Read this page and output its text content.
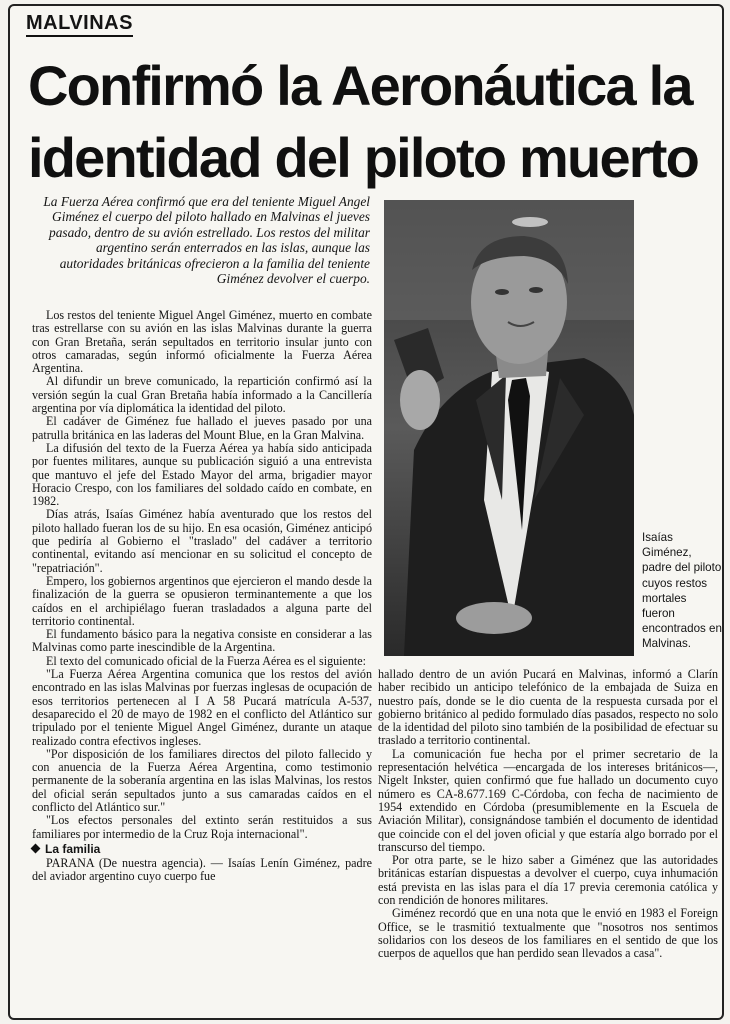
MALVINAS
Confirmó la Aeronáutica la identidad del piloto muerto

La Fuerza Aérea confirmó que era del teniente Miguel Angel Giménez el cuerpo del piloto hallado en Malvinas el jueves pasado, dentro de su avión estrellado. Los restos del militar argentino serán enterrados en las islas, aunque las autoridades británicas ofrecieron a la familia del teniente Giménez devolver el cuerpo.

Los restos del teniente Miguel Angel Giménez, muerto en combate tras estrellarse con su avión en las islas Malvinas durante la guerra con Gran Bretaña, serán sepultados en territorio insular junto con otros camaradas, según informó oficialmente la Fuerza Aérea Argentina.

Al difundir un breve comunicado, la repartición confirmó así la versión según la cual Gran Bretaña había informado a la Cancillería argentina por vía diplomática la identidad del piloto.

El cadáver de Giménez fue hallado el jueves pasado por una patrulla británica en las laderas del Mount Blue, en la Gran Malvina.

La difusión del texto de la Fuerza Aérea ya había sido anticipada por fuentes militares, aunque su publicación siguió a una entrevista que mantuvo el jefe del Estado Mayor del arma, brigadier mayor Horacio Crespo, con los familiares del soldado caído en combate, en 1982.

Días atrás, Isaías Giménez había aventurado que los restos del piloto hallado fueran los de su hijo. En esa ocasión, Giménez anticipó que pediría al Gobierno el "traslado" del cadáver a territorio continental, evitando así mencionar en su solicitud el concepto de "repatriación".

Empero, los gobiernos argentinos que ejercieron el mando desde la finalización de la guerra se opusieron terminantemente a que los caídos en el archipiélago fueran trasladados a alguna parte del territorio continental.

El fundamento básico para la negativa consiste en considerar a las Malvinas como parte inescindible de la Argentina.

El texto del comunicado oficial de la Fuerza Aérea es el siguiente:

"La Fuerza Aérea Argentina comunica que los restos del avión encontrado en las islas Malvinas por fuerzas inglesas de ocupación de esos territorios pertenecen al I A 58 Pucará matrícula A-537, desaparecido el 20 de mayo de 1982 en el conflicto del Atlántico sur tripulado por el teniente Miguel Angel Giménez, durante un ataque realizado contra efectivos ingleses.

"Por disposición de los familiares directos del piloto fallecido y con anuencia de la Fuerza Aérea Argentina, como testimonio permanente de la soberanía argentina en las islas Malvinas, los restos del oficial serán sepultados junto a sus camaradas caídos en el conflicto del Atlántico sur."

"Los efectos personales del extinto serán restituidos a sus familiares por intermedio de la Cruz Roja internacional".

La familia

PARANA (De nuestra agencia). — Isaías Lenín Giménez, padre del aviador argentino cuyo cuerpo fue

Isaías Giménez, padre del piloto cuyos restos mortales fueron encontrados en Malvinas.

hallado dentro de un avión Pucará en Malvinas, informó a Clarín haber recibido un anticipo telefónico de la embajada de Suiza en nuestro país, donde se le dio cuenta de la respuesta cursada por el gobierno británico al pedido formulado días pasados, respecto no solo de la identidad del piloto sino también de la posibilidad de efectuar su traslado a territorio continental.

La comunicación fue hecha por el primer secretario de la representación helvética —encargada de los intereses británicos—, Nigelt Inkster, quien confirmó que fue hallado un documento cuyo número es CA-8.677.169 C-Córdoba, con fecha de nacimiento de 1954 extendido en Córdoba (presumiblemente en la Escuela de Aviación Militar), consignándose también el documento de identidad que coincide con el del joven oficial y que estaría algo borrado por el transcurso del tiempo.

Por otra parte, se le hizo saber a Giménez que las autoridades británicas estarían dispuestas a devolver el cuerpo, cuya inhumación está prevista en las islas para el día 17 previa ceremonia católica y con rendición de honores militares.

Giménez recordó que en una nota que le envió en 1983 el Foreign Office, se le trasmitió textualmente que "nosotros nos sentimos solidarios con los deseos de los familiares en el sentido de que los cuerpos de aquellos que han perdido sean llevados a casa".
